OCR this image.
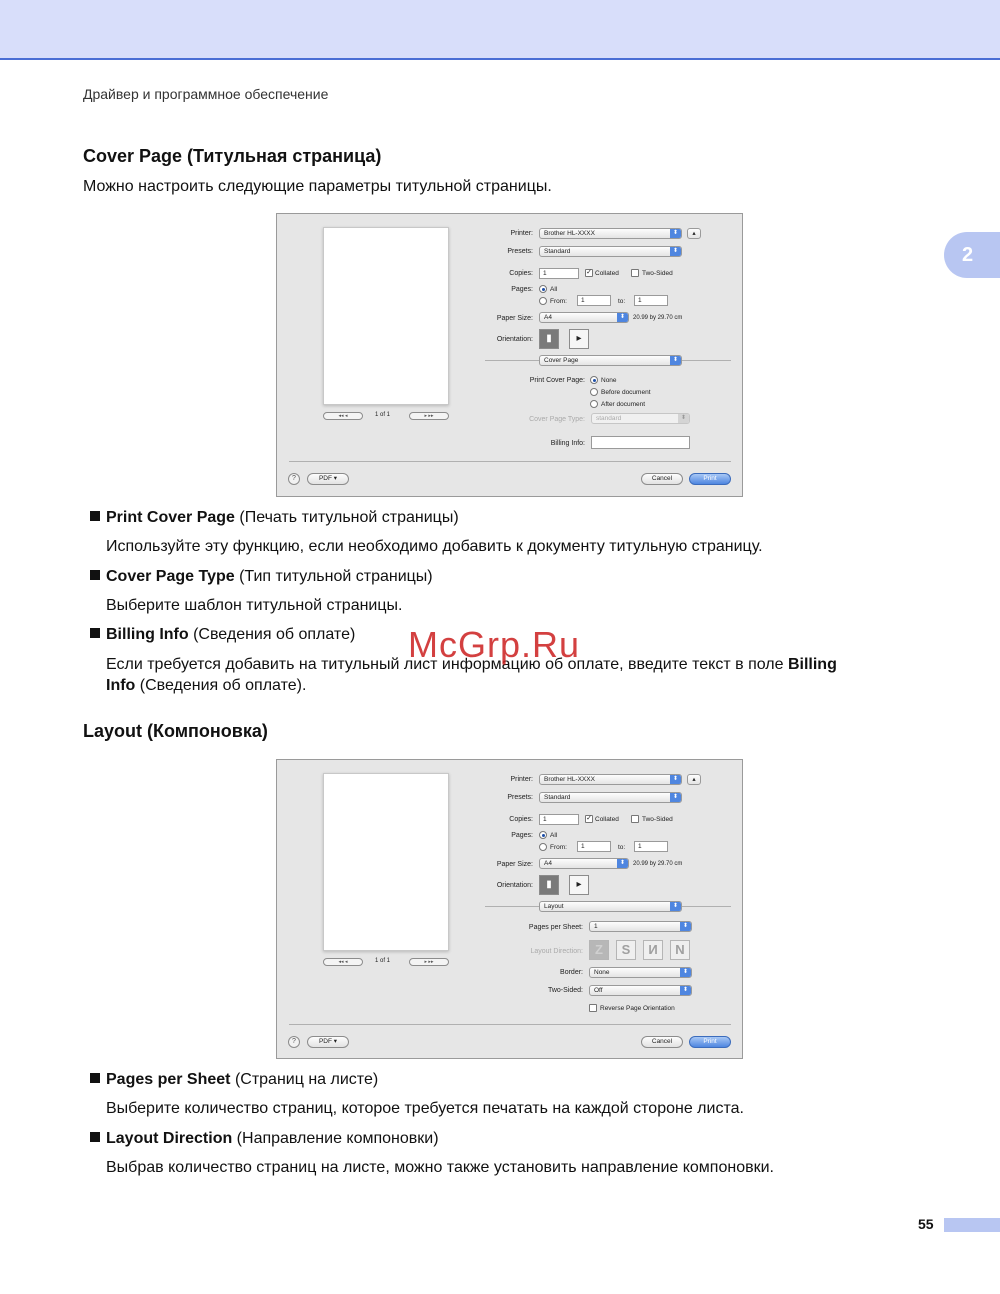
Драйвер и программное обеспечение
2
Cover Page (Титульная страница)

Можно настроить следующие параметры титульной страницы.

◂◂ ◂	1 of 1	▸ ▸▸
Printer:	Brother HL-XXXX	⬍	▴
Presets:	Standard	⬍
Copies:	1	✓ Collated	Two-Sided
Pages:	All
From:	1	to:	1
Paper Size:	A4	⬍	20.99 by 29.70 cm
Orientation:	▮	▸
Cover Page	⬍
Print Cover Page: None
Before document
After document
Cover Page Type:	standard	⬍
Billing Info:
?	PDF ▾	Cancel	Print

Print Cover Page (Печать титульной страницы)

Используйте эту функцию, если необходимо добавить к документу титульную страницу.

Cover Page Type (Тип титульной страницы)

Выберите шаблон титульной страницы.

Billing Info (Сведения об оплате)

Если требуется добавить на титульный лист информацию об оплате, введите текст в поле Billing
Info (Сведения об оплате).

McGrp.Ru
Layout (Компоновка)
◂◂ ◂	1 of 1	▸ ▸▸
Printer:	Brother HL-XXXX	⬍	▴
Presets:	Standard	⬍
Copies:	1	✓ Collated	Two-Sided
Pages:	All
From:	1	to:	1
Paper Size:	A4	⬍	20.99 by 29.70 cm
Orientation:	▮	▸
Layout	⬍
Pages per Sheet:	1	⬍
Layout Direction: Z	S	И	N
Border:	None	⬍
Two-Sided:	Off	⬍
Reverse Page Orientation
?	PDF ▾	Cancel	Print

Pages per Sheet (Страниц на листе)

Выберите количество страниц, которое требуется печатать на каждой стороне листа.

Layout Direction (Направление компоновки)

Выбрав количество страниц на листе, можно также установить направление компоновки.

55
